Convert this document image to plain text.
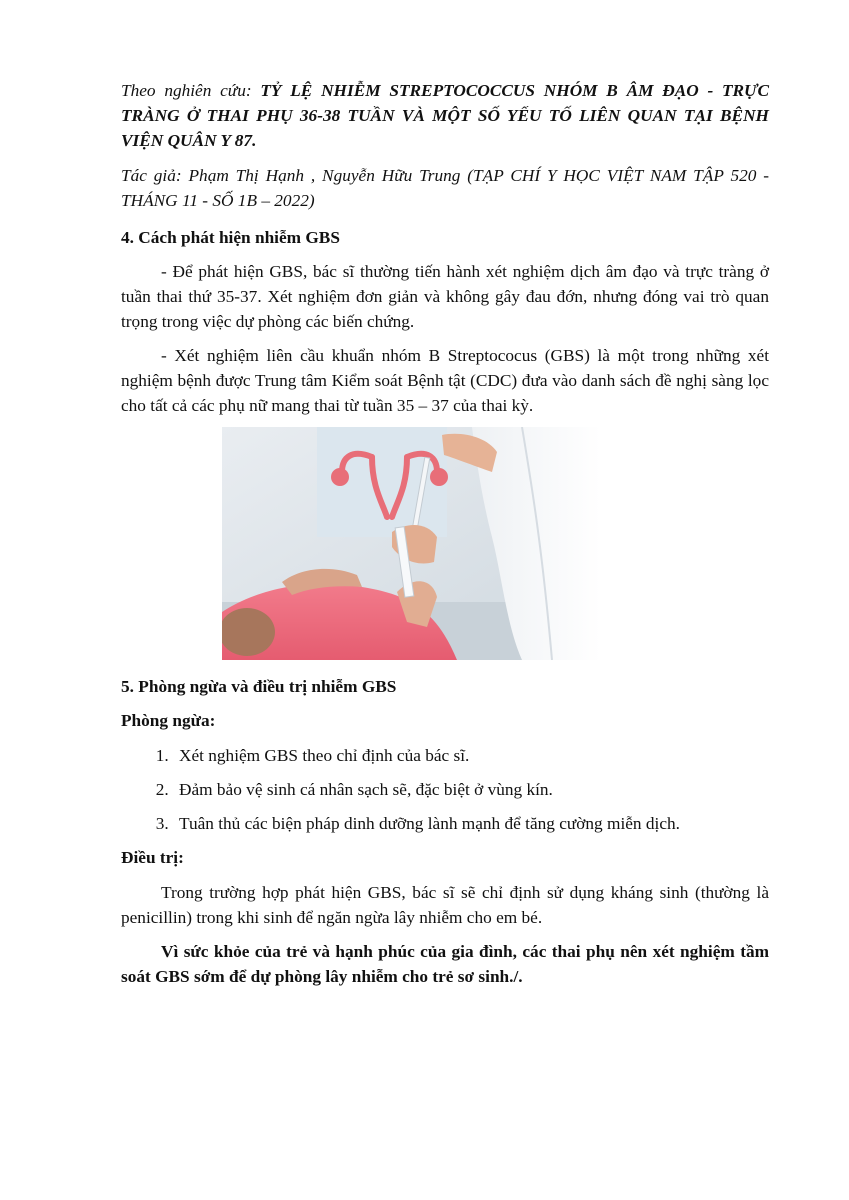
Theo nghiên cứu: TỶ LỆ NHIỄM STREPTOCOCCUS NHÓM B ÂM ĐẠO - TRỰC TRÀNG Ở THAI PHỤ 36-38 TUẦN VÀ MỘT SỐ YẾU TỐ LIÊN QUAN TẠI BỆNH VIỆN QUÂN Y 87.

Tác giả: Phạm Thị Hạnh , Nguyễn Hữu Trung (TẠP CHÍ Y HỌC VIỆT NAM TẬP 520 - THÁNG 11 - SỐ 1B – 2022)

4. Cách phát hiện nhiễm GBS

- Để phát hiện GBS, bác sĩ thường tiến hành xét nghiệm dịch âm đạo và trực tràng ở tuần thai thứ 35-37. Xét nghiệm đơn giản và không gây đau đớn, nhưng đóng vai trò quan trọng trong việc dự phòng các biến chứng.

- Xét nghiệm liên cầu khuẩn nhóm B Streptococus (GBS) là một trong những xét nghiệm bệnh được Trung tâm Kiểm soát Bệnh tật (CDC) đưa vào danh sách đề nghị sàng lọc cho tất cả các phụ nữ mang thai từ tuần 35 – 37 của thai kỳ.

5. Phòng ngừa và điều trị nhiễm GBS

Phòng ngừa:

1. Xét nghiệm GBS theo chỉ định của bác sĩ.
2. Đảm bảo vệ sinh cá nhân sạch sẽ, đặc biệt ở vùng kín.
3. Tuân thủ các biện pháp dinh dưỡng lành mạnh để tăng cường miễn dịch.

Điều trị:

Trong trường hợp phát hiện GBS, bác sĩ sẽ chỉ định sử dụng kháng sinh (thường là penicillin) trong khi sinh để ngăn ngừa lây nhiễm cho em bé.

Vì sức khỏe của trẻ và hạnh phúc của gia đình, các thai phụ nên xét nghiệm tầm soát GBS sớm để dự phòng lây nhiễm cho trẻ sơ sinh./.
